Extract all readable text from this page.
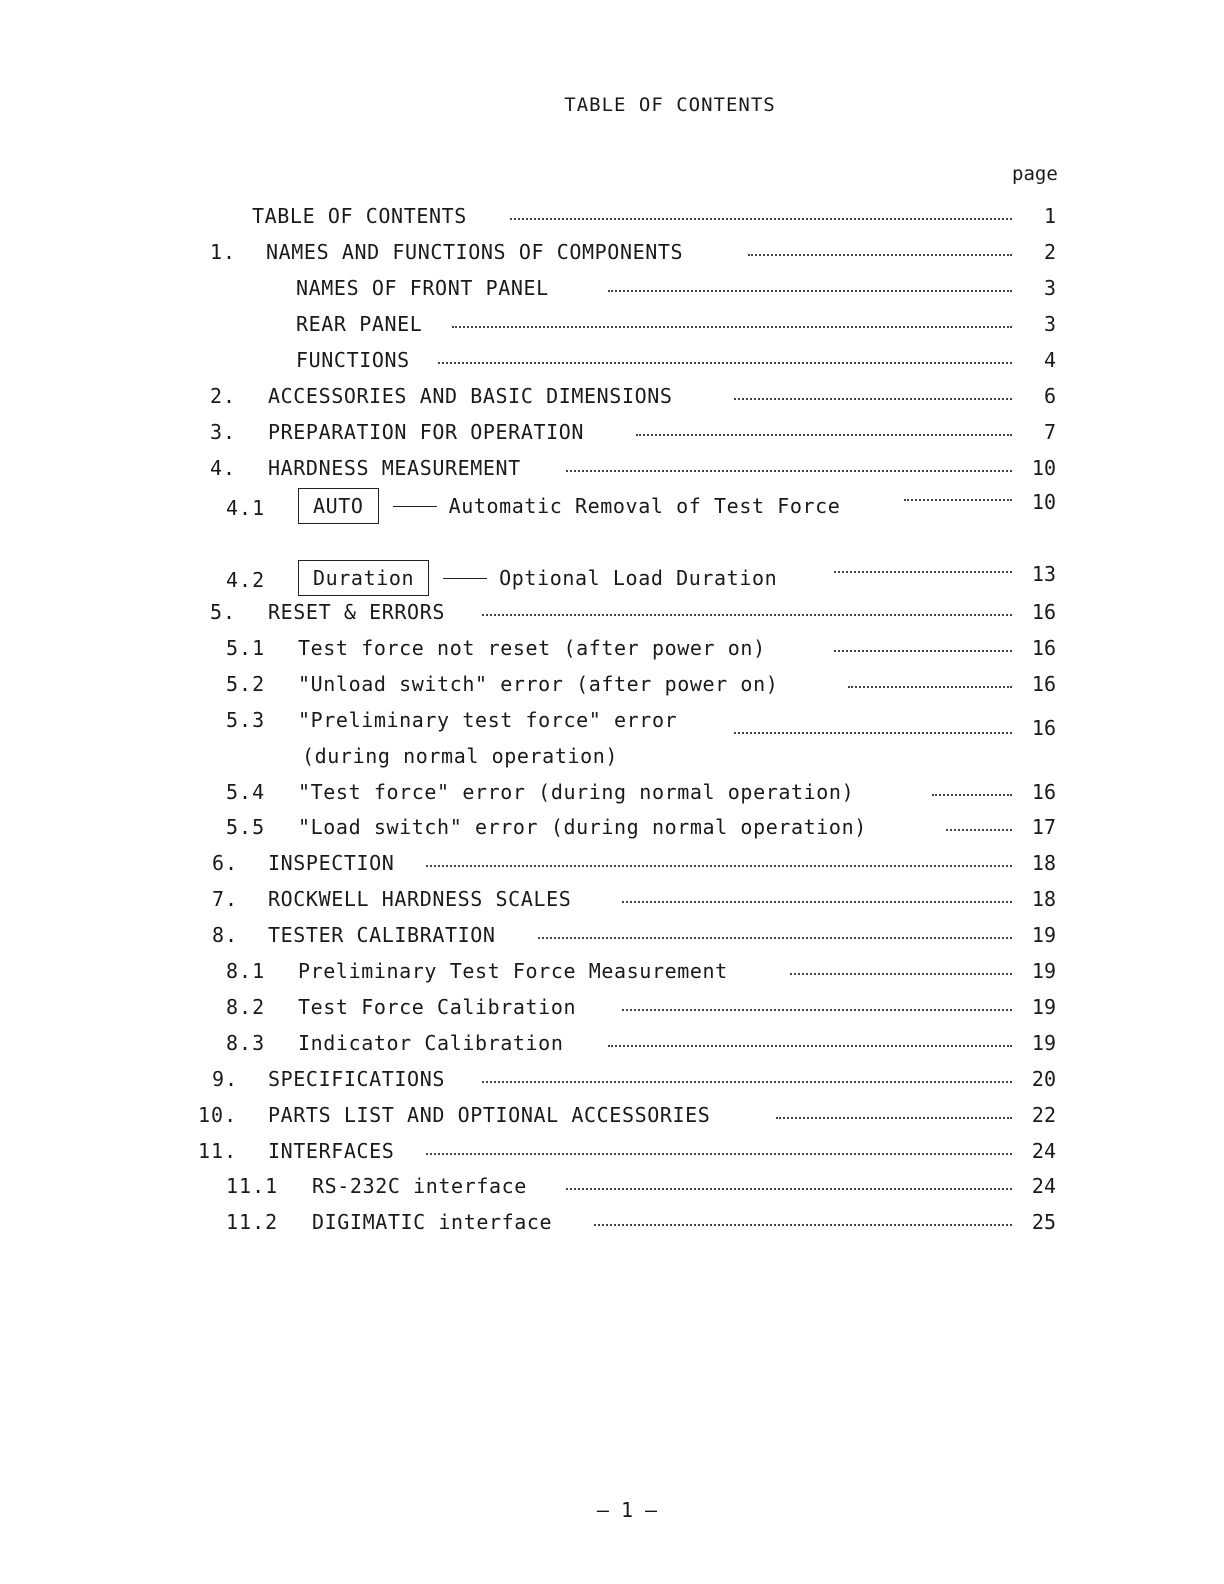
TABLE OF CONTENTS
page
TABLE OF CONTENTS	1
1. NAMES AND FUNCTIONS OF COMPONENTS	2
NAMES OF FRONT PANEL	3
REAR PANEL	3
FUNCTIONS	4
2. ACCESSORIES AND BASIC DIMENSIONS	6
3. PREPARATION FOR OPERATION	7
4. HARDNESS MEASUREMENT	10
4.1	AUTO	Automatic Removal of Test Force	10
4.2	Duration	Optional Load Duration	13
5. RESET & ERRORS	16
5.1 Test force not reset (after power on)	16
5.2 "Unload switch" error (after power on)	16
5.3 "Preliminary test force" error
(during normal operation)
16
5.4 "Test force" error (during normal operation)	16
5.5 "Load switch" error (during normal operation)	17
6. INSPECTION	18
7. ROCKWELL HARDNESS SCALES	18
8. TESTER CALIBRATION	19
8.1 Preliminary Test Force Measurement	19
8.2 Test Force Calibration	19
8.3 Indicator Calibration	19
9. SPECIFICATIONS	20
10. PARTS LIST AND OPTIONAL ACCESSORIES	22
11. INTERFACES	24
11.1 RS-232C interface	24
11.2 DIGIMATIC interface	25
— 1 —
